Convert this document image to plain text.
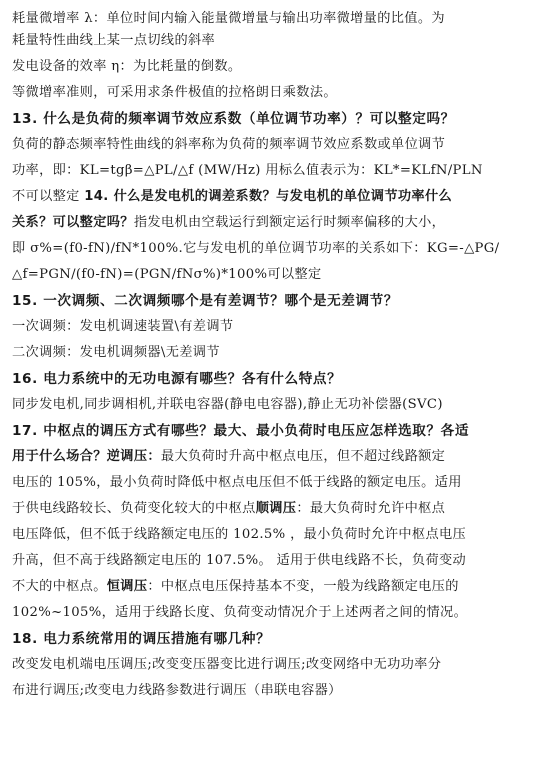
耗量微增率 λ：单位时间内输入能量微增量与输出功率微增量的比值。为
耗量特性曲线上某一点切线的斜率
发电设备的效率 η：为比耗量的倒数。
等微增率准则，可采用求条件极值的拉格朗日乘数法。
13. 什么是负荷的频率调节效应系数（单位调节功率）？可以整定吗？
负荷的静态频率特性曲线的斜率称为负荷的频率调节效应系数或单位调节
功率，即：KL=tgβ=△PL/△f (MW/Hz) 用标么值表示为：KL*=KLfN/PLN
不可以整定 14. 什么是发电机的调差系数？与发电机的单位调节功率什么
关系？可以整定吗？指发电机由空载运行到额定运行时频率偏移的大小，
即 σ%=(f0-fN)/fN*100%.它与发电机的单位调节功率的关系如下：KG=-△PG/
△f=PGN/(f0-fN)=(PGN/fNσ%)*100%可以整定
15. 一次调频、二次调频哪个是有差调节？哪个是无差调节？
一次调频：发电机调速装置\有差调节
二次调频：发电机调频器\无差调节
16. 电力系统中的无功电源有哪些？各有什么特点？
同步发电机,同步调相机,并联电容器(静电电容器),静止无功补偿器(SVC)
17. 中枢点的调压方式有哪些？最大、最小负荷时电压应怎样选取？各适
用于什么场合？逆调压：最大负荷时升高中枢点电压，但不超过线路额定
电压的 105%，最小负荷时降低中枢点电压但不低于线路的额定电压。适用
于供电线路较长、负荷变化较大的中枢点顺调压：最大负荷时允许中枢点
电压降低，但不低于线路额定电压的 102.5% ，最小负荷时允许中枢点电压
升高，但不高于线路额定电压的 107.5%。 适用于供电线路不长，负荷变动
不大的中枢点。恒调压：中枢点电压保持基本不变，一般为线路额定电压的
102%~105%，适用于线路长度、负荷变动情况介于上述两者之间的情况。
18. 电力系统常用的调压措施有哪几种？
改变发电机端电压调压;改变变压器变比进行调压;改变网络中无功功率分
布进行调压;改变电力线路参数进行调压（串联电容器）
